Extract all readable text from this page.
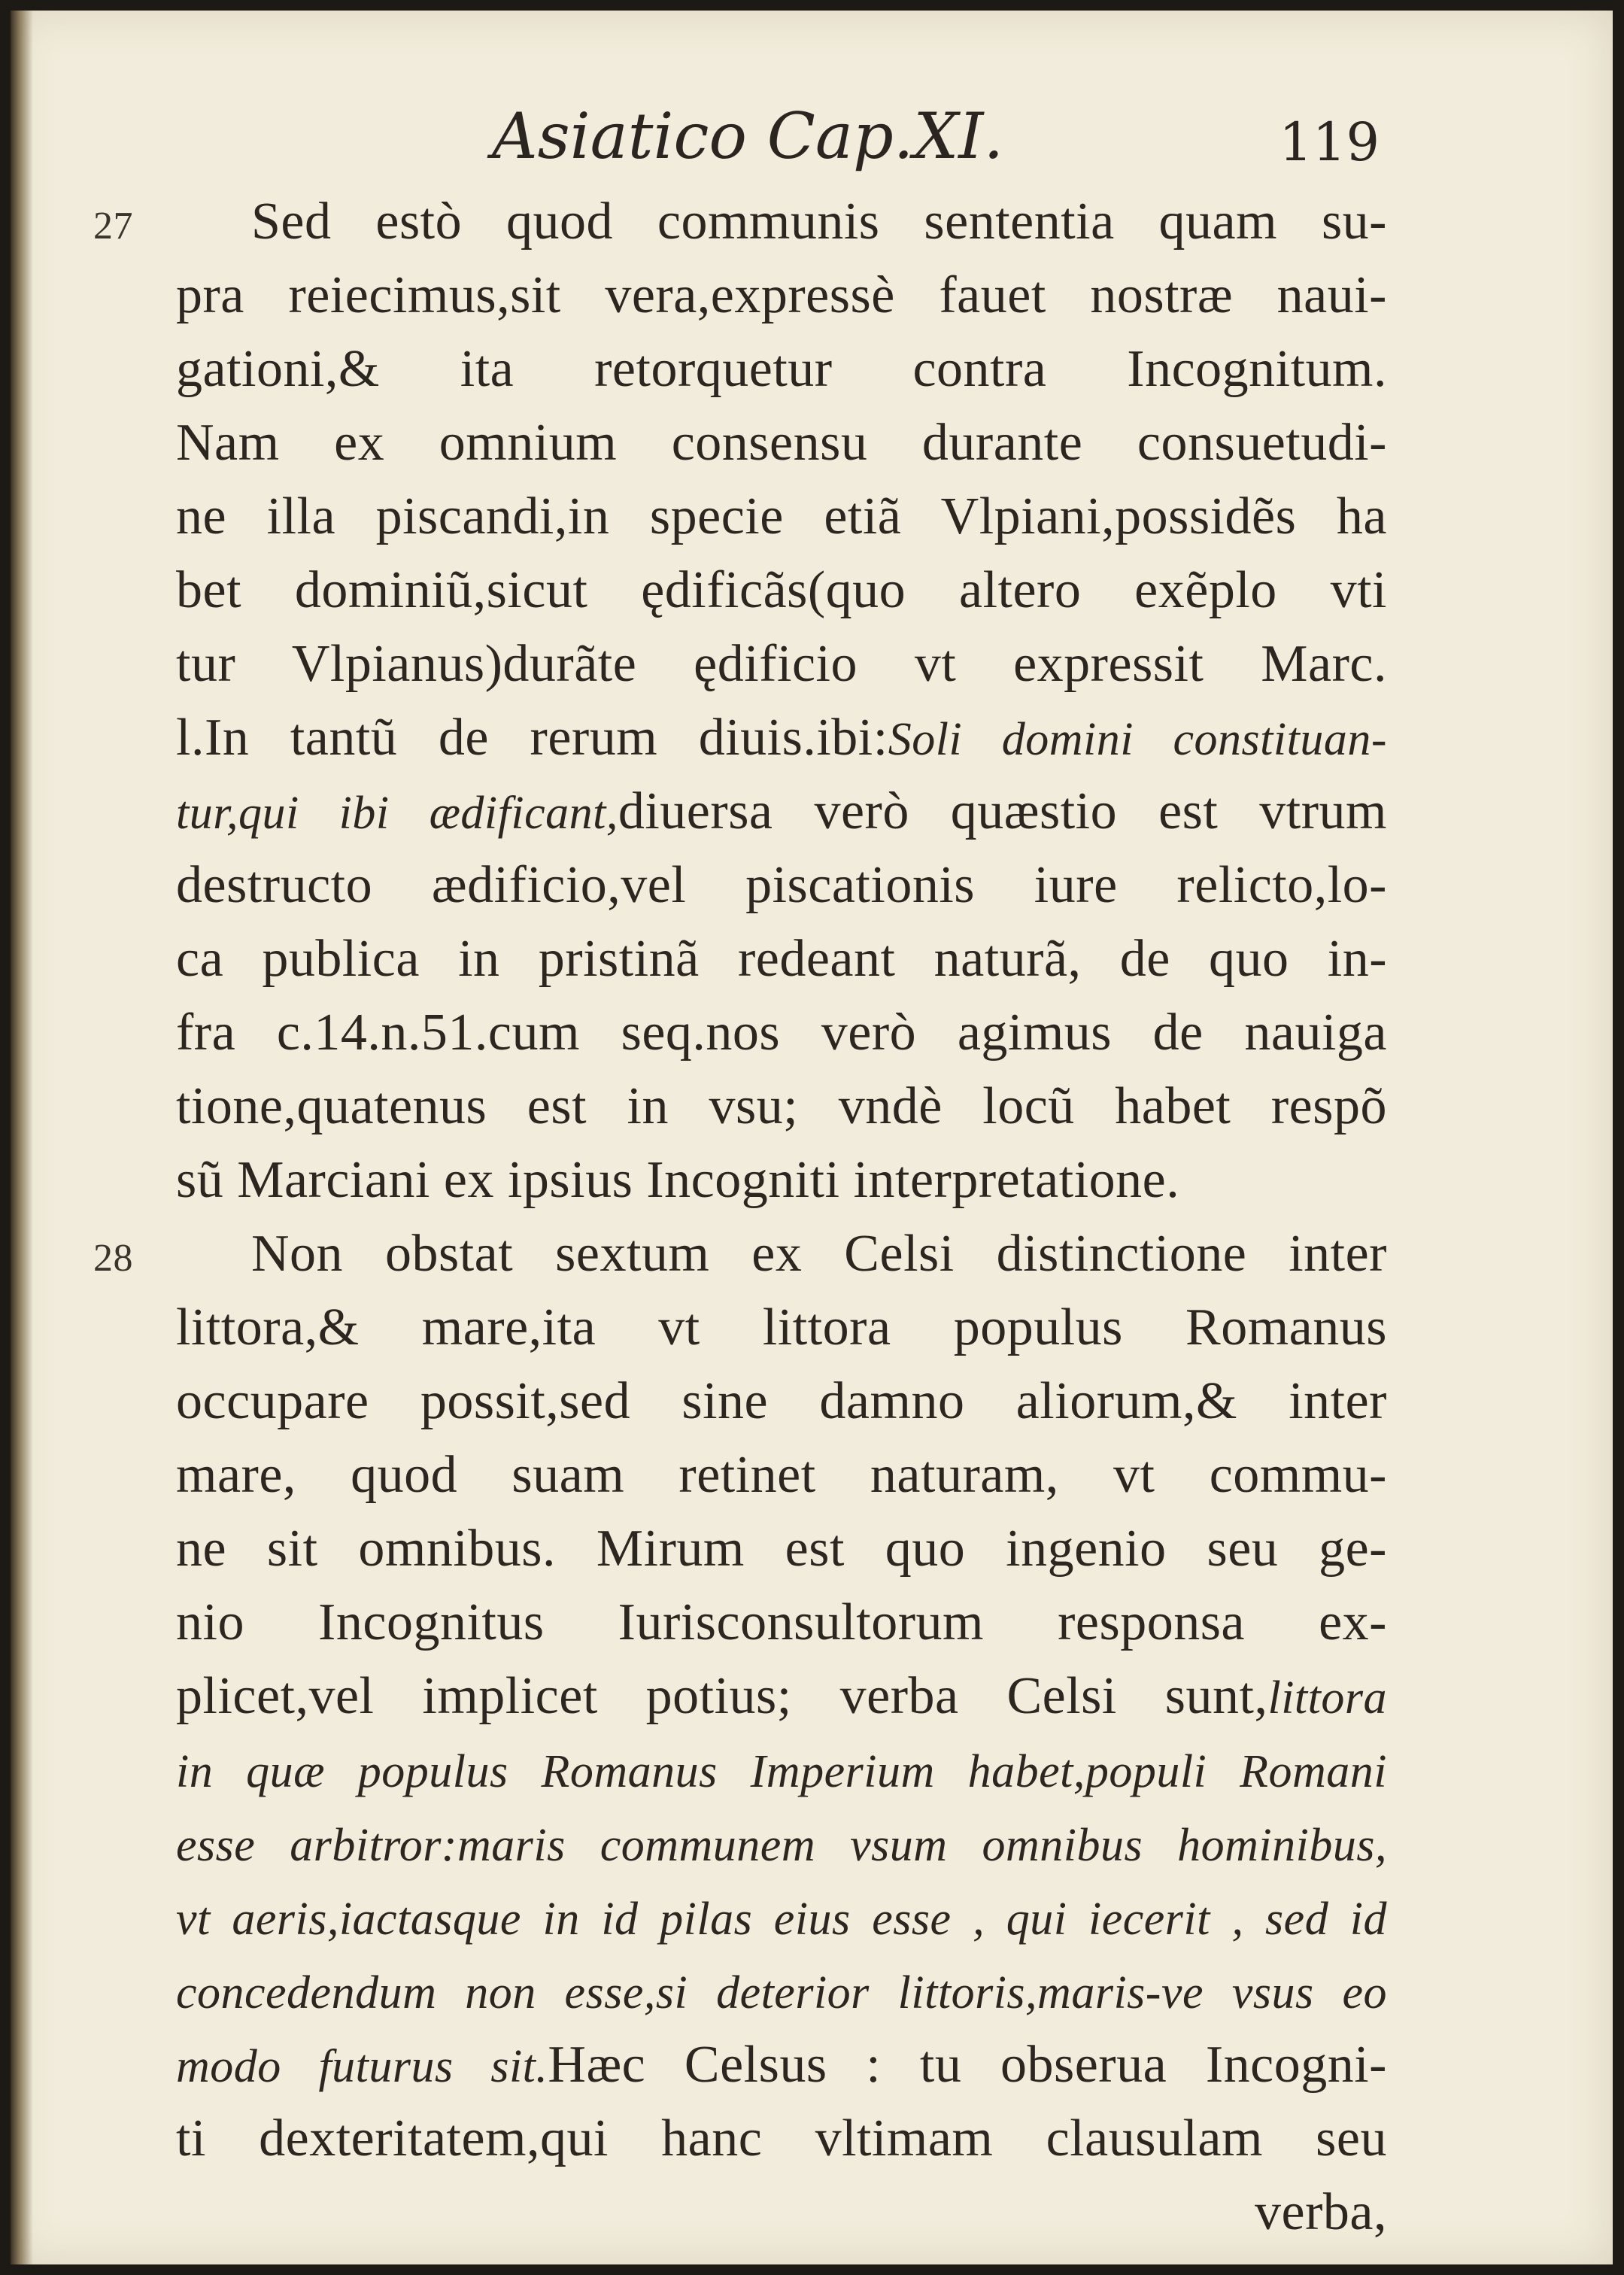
Asiatico Cap.XI.	119
27 Sed estò quod communis sententia quam su-
pra reiecimus,sit vera,expressè fauet nostræ naui-
gationi,& ita retorquetur contra Incognitum.
Nam ex omnium consensu durante consuetudi-
ne illa piscandi,in specie etiã Vlpiani,possidẽs ha
bet dominiũ,sicut ędificãs(quo altero exẽplo vti
tur Vlpianus)durãte ędificio vt expressit Marc.
l.In tantũ de rerum diuis.ibi:Soli domini constituan-
tur,qui ibi ædificant,diuersa verò quæstio est vtrum
destructo ædificio,vel piscationis iure relicto,lo-
ca publica in pristinã redeant naturã, de quo in-
fra c.14.n.51.cum seq.nos verò agimus de nauiga
tione,quatenus est in vsu; vndè locũ habet respõ
sũ Marciani ex ipsius Incogniti interpretatione.
28 Non obstat sextum ex Celsi distinctione inter
littora,& mare,ita vt littora populus Romanus
occupare possit,sed sine damno aliorum,& inter
mare, quod suam retinet naturam, vt commu-
ne sit omnibus. Mirum est quo ingenio seu ge-
nio Incognitus Iurisconsultorum responsa ex-
plicet,vel implicet potius; verba Celsi sunt,littora
in quæ populus Romanus Imperium habet,populi Romani
esse arbitror:maris communem vsum omnibus hominibus,
vt aeris,iactasque in id pilas eius esse , qui iecerit , sed id
concedendum non esse,si deterior littoris,maris-ve vsus eo
modo futurus sit.Hæc Celsus : tu obserua Incogni-
ti dexteritatem,qui hanc vltimam clausulam seu
verba,
